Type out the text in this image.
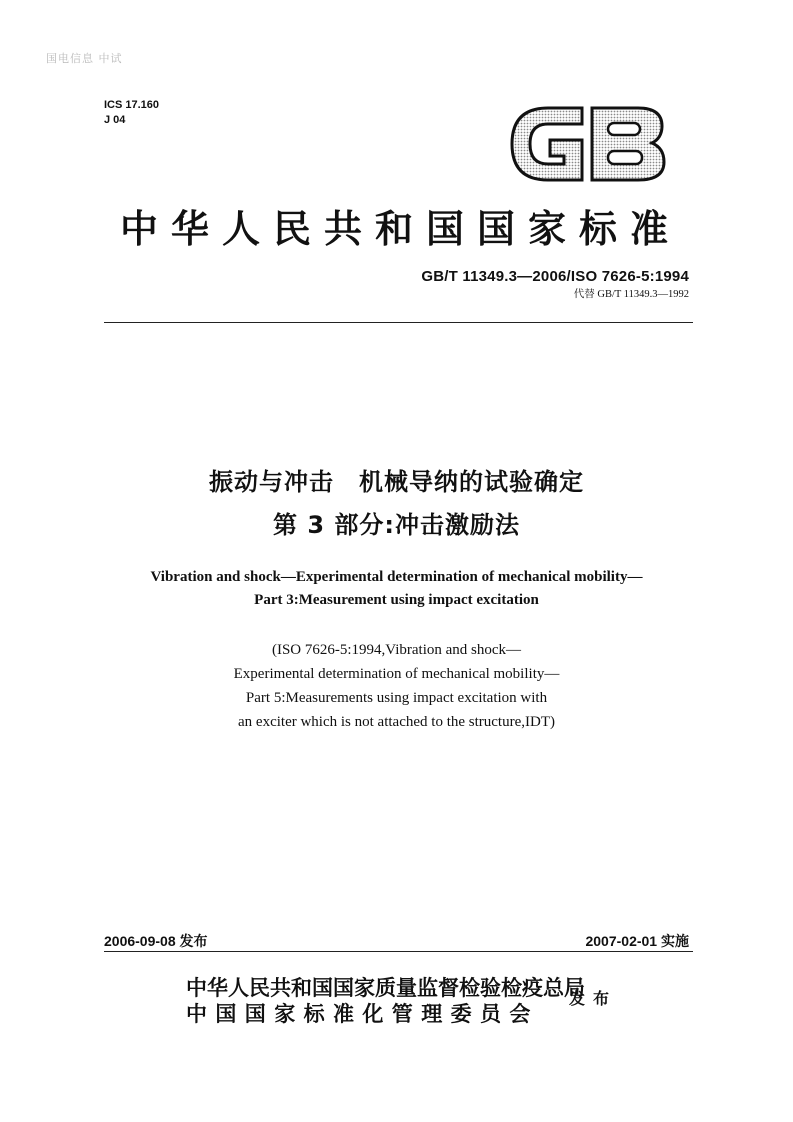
国电信息 中试
ICS 17.160
J 04
中华人民共和国国家标准
GB/T 11349.3—2006/ISO 7626-5:1994
代替 GB/T 11349.3—1992
振动与冲击　机械导纳的试验确定
第 3 部分:冲击激励法
Vibration and shock—Experimental determination of mechanical mobility—
Part 3:Measurement using impact excitation
(ISO 7626-5:1994,Vibration and shock—
Experimental determination of mechanical mobility—
Part 5:Measurements using impact excitation with
an exciter which is not attached to the structure,IDT)
2006-09-08 发布	2007-02-01 实施
中华人民共和国国家质量监督检验检疫总局
中国国家标准化管理委员会
发布
